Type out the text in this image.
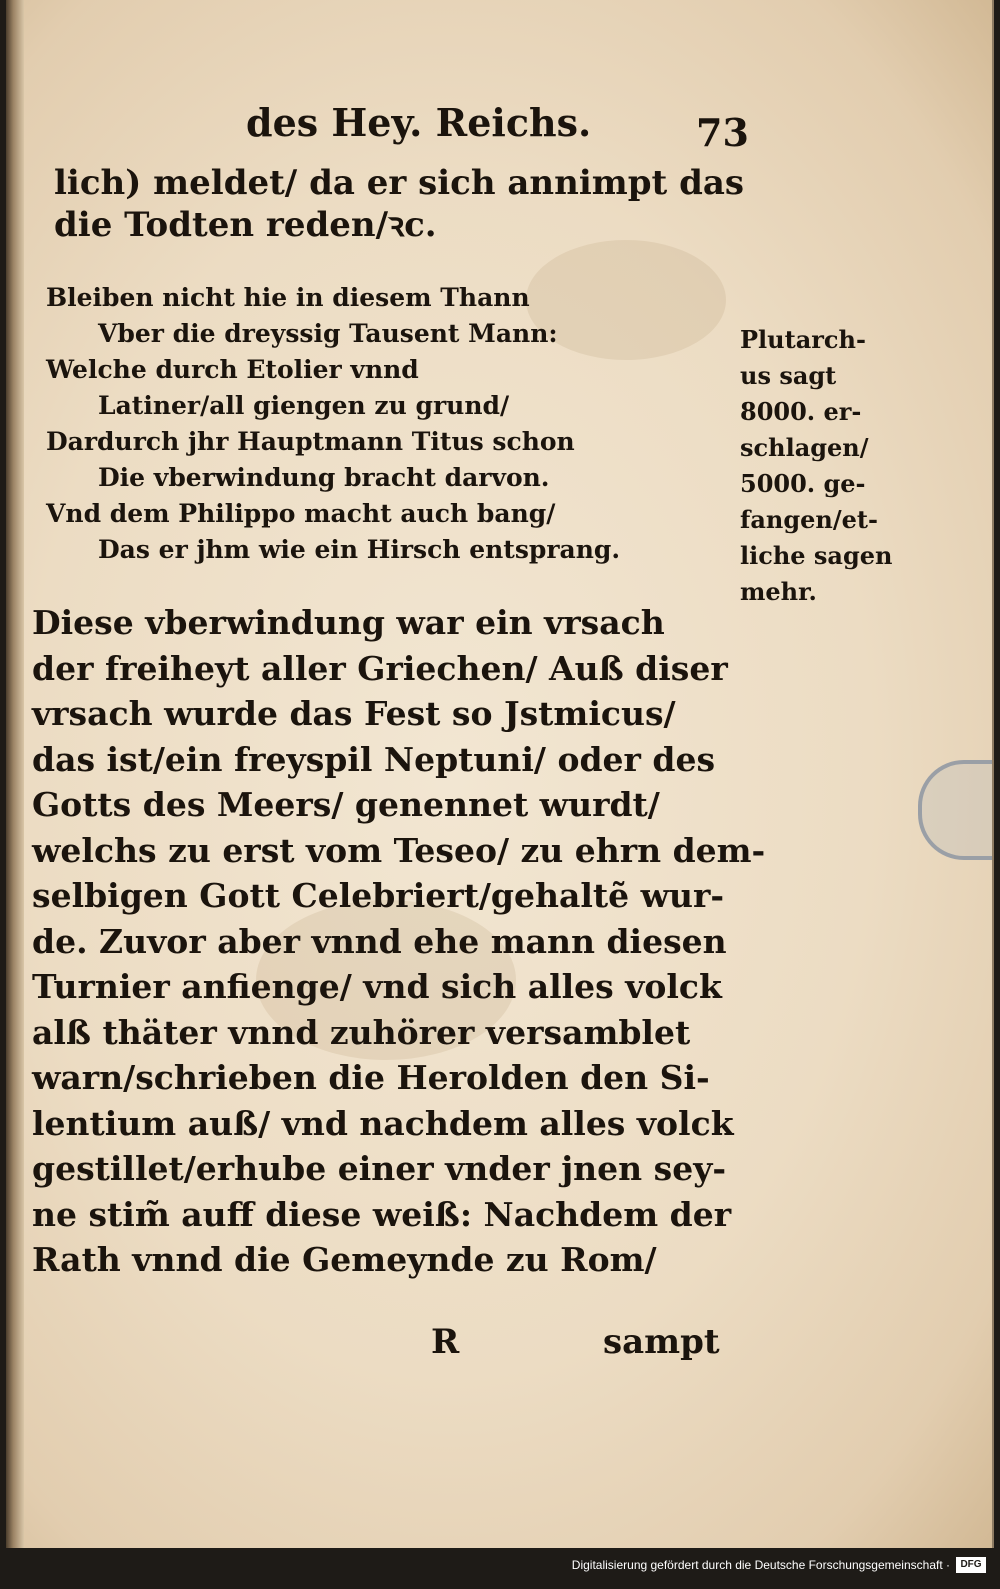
des Hey. Reichs.	73
lich) meldet/ da er sich annimpt das
die Todten reden/ꝛc.
Bleiben nicht hie in diesem Thann
Vber die dreyssig Tausent Mann:
Welche durch Etolier vnnd
Latiner/all giengen zu grund/
Dardurch jhr Hauptmann Titus schon
Die vberwindung bracht darvon.
Vnd dem Philippo macht auch bang/
Das er jhm wie ein Hirsch entsprang.
Plutarch-
us sagt
8000. er-
schlagen/
5000. ge-
fangen/et-
liche sagen
mehr.
Diese vberwindung war ein vrsach
der freiheyt aller Griechen/ Auß diser
vrsach wurde das Fest so Jstmicus/
das ist/ein freyspil Neptuni/ oder des
Gotts des Meers/ genennet wurdt/
welchs zu erst vom Teseo/ zu ehrn dem-
selbigen Gott Celebriert/gehaltẽ wur-
de. Zuvor aber vnnd ehe mann diesen
Turnier anfienge/ vnd sich alles volck
alß thäter vnnd zuhörer versamblet
warn/schrieben die Herolden den Si-
lentium auß/ vnd nachdem alles volck
gestillet/erhube einer vnder jnen sey-
ne stim̃ auff diese weiß: Nachdem der
Rath vnnd die Gemeynde zu Rom/
R	sampt
Digitalisierung gefördert durch die Deutsche Forschungsgemeinschaft ·	DFG
